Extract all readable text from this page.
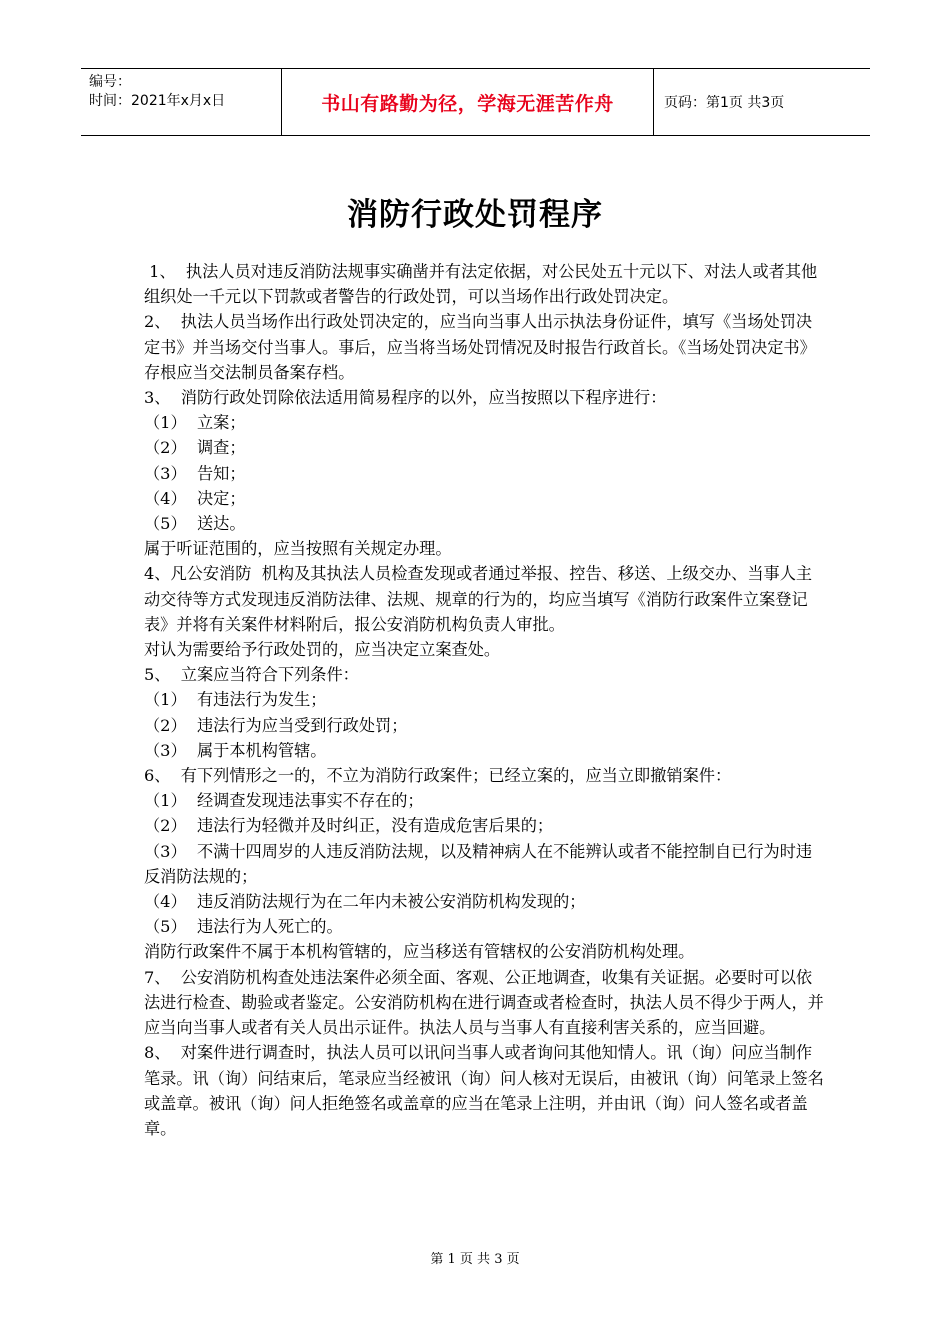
编号：
时间：2021年x月x日	书山有路勤为径，学海无涯苦作舟	页码：第1页 共3页
消防行政处罚程序

1、  执法人员对违反消防法规事实确凿并有法定依据，对公民处五十元以下、对法人或者其他组织处一千元以下罚款或者警告的行政处罚，可以当场作出行政处罚决定。

2、  执法人员当场作出行政处罚决定的，应当向当事人出示执法身份证件，填写《当场处罚决定书》并当场交付当事人。事后，应当将当场处罚情况及时报告行政首长。《当场处罚决定书》存根应当交法制员备案存档。

3、  消防行政处罚除依法适用简易程序的以外，应当按照以下程序进行：

（1）  立案；

（2）  调查；

（3）  告知；

（4）  决定；

（5）  送达。

属于听证范围的，应当按照有关规定办理。

4、凡公安消防  机构及其执法人员检查发现或者通过举报、控告、移送、上级交办、当事人主动交待等方式发现违反消防法律、法规、规章的行为的，均应当填写《消防行政案件立案登记表》并将有关案件材料附后，报公安消防机构负责人审批。

对认为需要给予行政处罚的，应当决定立案查处。

5、  立案应当符合下列条件：

（1）  有违法行为发生；

（2）  违法行为应当受到行政处罚；

（3）  属于本机构管辖。

6、  有下列情形之一的，不立为消防行政案件；已经立案的，应当立即撤销案件：

（1）  经调查发现违法事实不存在的；

（2）  违法行为轻微并及时纠正，没有造成危害后果的；

（3）  不满十四周岁的人违反消防法规，以及精神病人在不能辨认或者不能控制自已行为时违反消防法规的；

（4）  违反消防法规行为在二年内未被公安消防机构发现的；

（5）  违法行为人死亡的。

消防行政案件不属于本机构管辖的，应当移送有管辖权的公安消防机构处理。

7、  公安消防机构查处违法案件必须全面、客观、公正地调查，收集有关证据。必要时可以依法进行检查、勘验或者鉴定。公安消防机构在进行调查或者检查时，执法人员不得少于两人，并应当向当事人或者有关人员出示证件。执法人员与当事人有直接利害关系的，应当回避。

8、  对案件进行调查时，执法人员可以讯问当事人或者询问其他知情人。讯（询）问应当制作笔录。讯（询）问结束后，笔录应当经被讯（询）问人核对无误后，由被讯（询）问笔录上签名或盖章。被讯（询）问人拒绝签名或盖章的应当在笔录上注明，并由讯（询）问人签名或者盖章。

第 1 页 共 3 页
